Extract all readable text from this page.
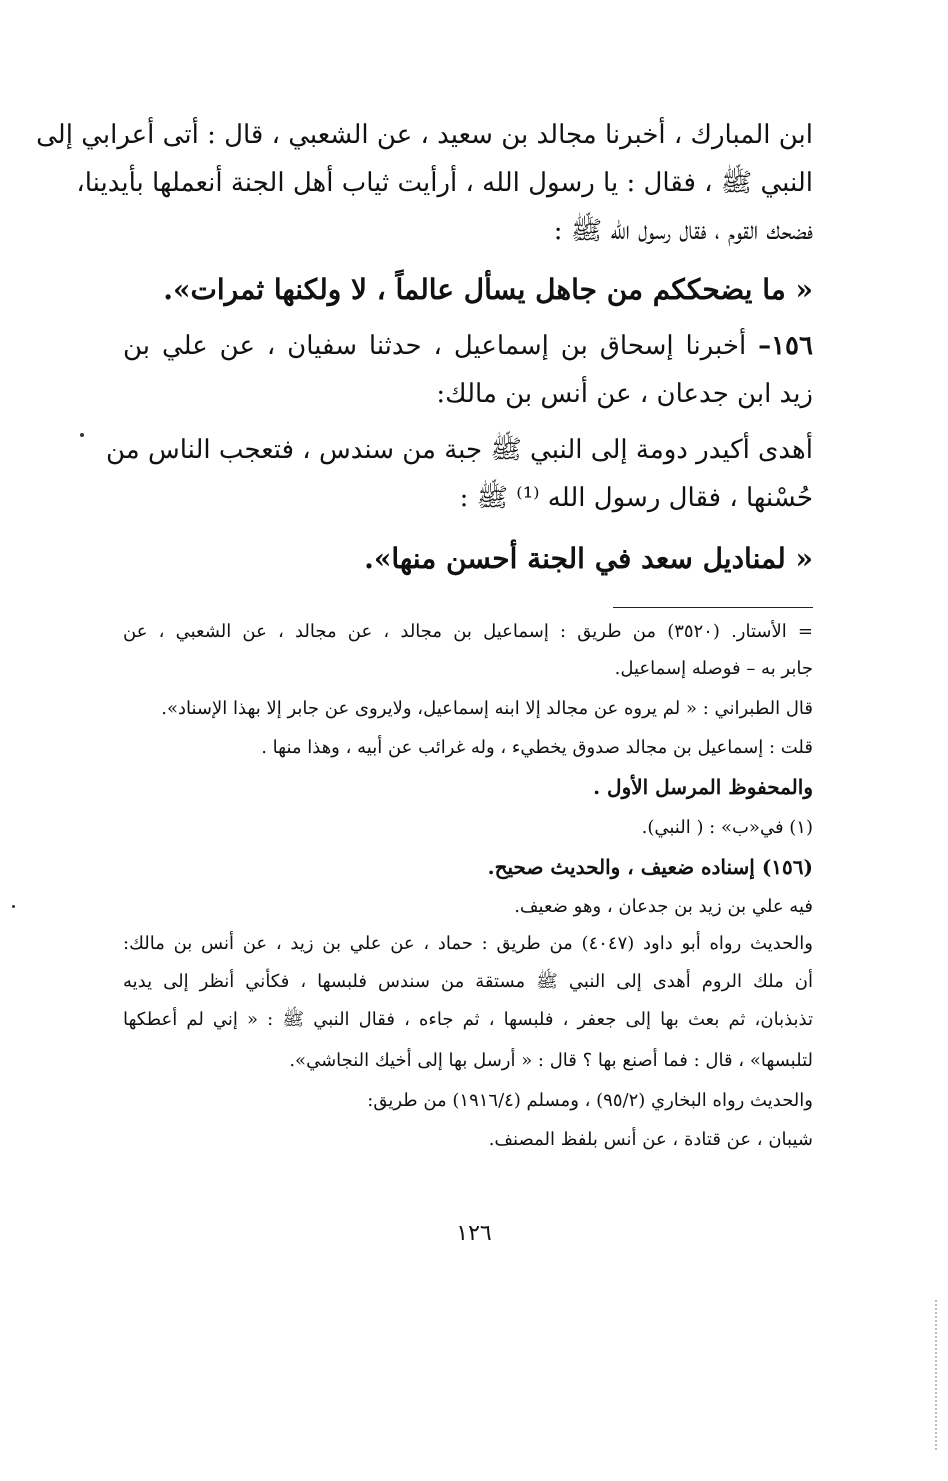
ابن المبارك ، أخبرنا مجالد بن سعيد ، عن الشعبي ، قال : أتى أعرابي إلى
النبي ﷺ ، فقال : يا رسول الله ، أرأيت ثياب أهل الجنة أنعملها بأيدينا،
فضحك القوم ، فقال رسول الله ﷺ :
« ما يضحككم من جاهل يسأل عالماً ، لا ولكنها ثمرات».
١٥٦– أخبرنا إسحاق بن إسماعيل ، حدثنا سفيان ، عن علي بن
زيد ابن جدعان ، عن أنس بن مالك:
أهدى أكيدر دومة إلى النبي ﷺ جبة من سندس ، فتعجب الناس من
حُسْنها ، فقال رسول الله ⁽¹⁾ ﷺ :
« لمناديل سعد في الجنة أحسن منها».
= الأستار. (٣٥٢٠) من طريق : إسماعيل بن مجالد ، عن مجالد ، عن الشعبي ، عن
جابر به – فوصله إسماعيل.
قال الطبراني : « لم يروه عن مجالد إلا ابنه إسماعيل، ولايروى عن جابر إلا بهذا الإسناد».
قلت : إسماعيل بن مجالد صدوق يخطيء ، وله غرائب عن أبيه ، وهذا منها .
والمحفوظ المرسل الأول .
(١) في«ب» : ( النبي).
(١٥٦) إسناده ضعيف ، والحديث صحيح.
فيه علي بن زيد بن جدعان ، وهو ضعيف.
والحديث رواه أبو داود (٤٠٤٧) من طريق : حماد ، عن علي بن زيد ، عن أنس بن مالك:
أن ملك الروم أهدى إلى النبي ﷺ مستقة من سندس فلبسها ، فكأني أنظر إلى يديه
تذبذبان، ثم بعث بها إلى جعفر ، فلبسها ، ثم جاءه ، فقال النبي ﷺ : « إني لم أعطكها
لتلبسها» ، قال : فما أصنع بها ؟ قال : « أرسل بها إلى أخيك النجاشي».
والحديث رواه البخاري (٩٥/٢) ، ومسلم (١٩١٦/٤) من طريق:
شيبان ، عن قتادة ، عن أنس بلفظ المصنف.
١٢٦
